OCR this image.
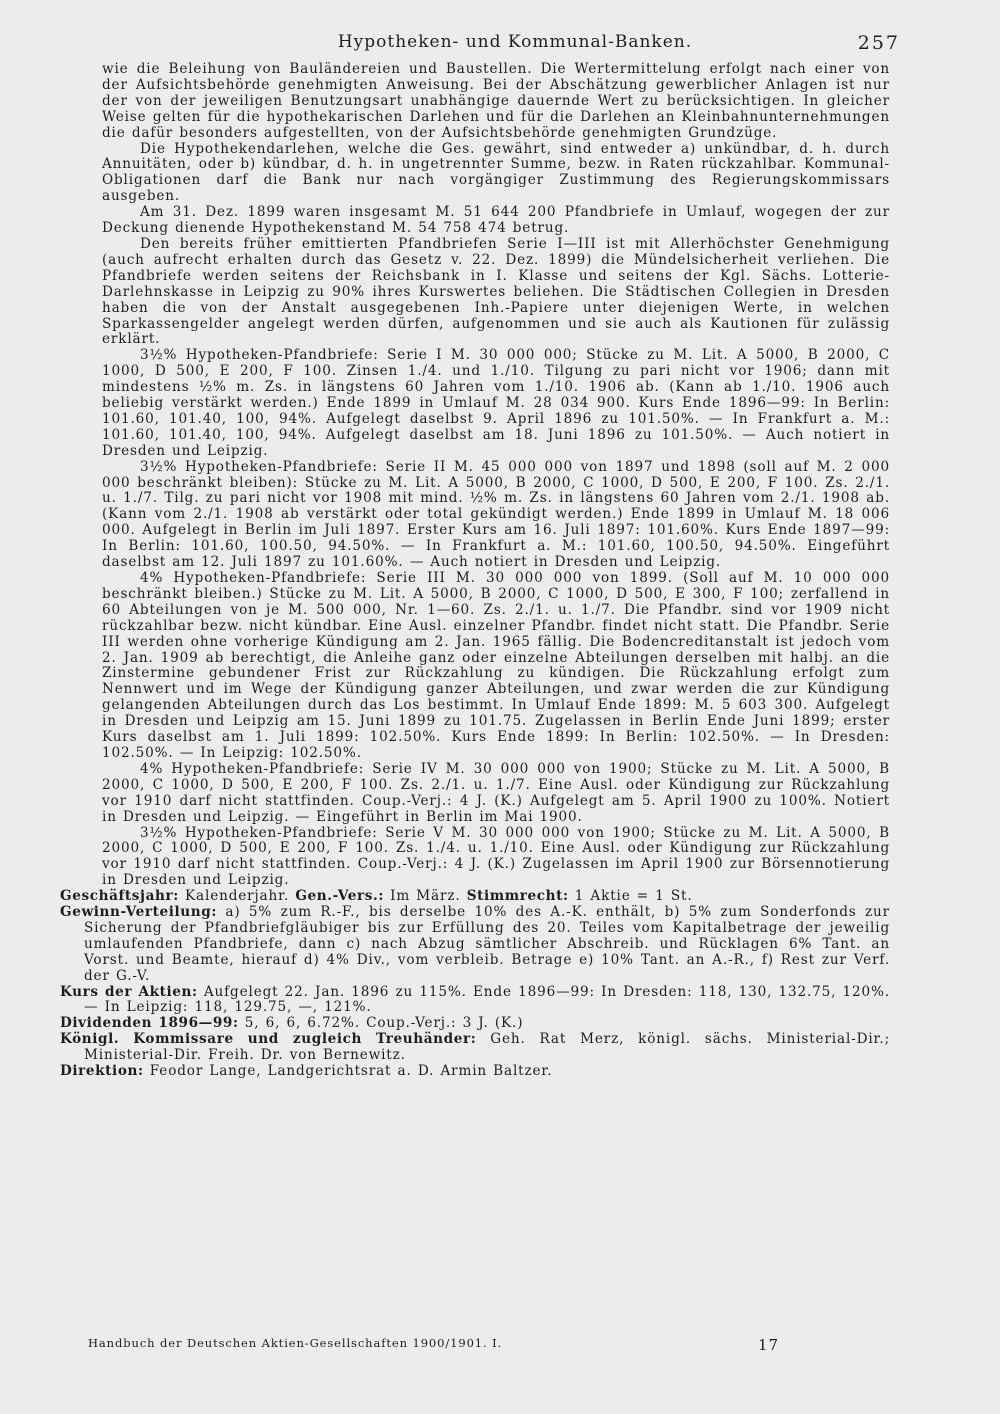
Hypotheken- und Kommunal-Banken.	257

wie die Beleihung von Bauländereien und Baustellen. Die Wertermittelung erfolgt nach einer von der Aufsichtsbehörde genehmigten Anweisung. Bei der Abschätzung gewerblicher Anlagen ist nur der von der jeweiligen Benutzungsart unabhängige dauernde Wert zu berücksichtigen. In gleicher Weise gelten für die hypothekarischen Darlehen und für die Darlehen an Kleinbahnunternehmungen die dafür besonders aufgestellten, von der Aufsichtsbehörde genehmigten Grundzüge.

Die Hypothekendarlehen, welche die Ges. gewährt, sind entweder a) unkündbar, d. h. durch Annuitäten, oder b) kündbar, d. h. in ungetrennter Summe, bezw. in Raten rückzahlbar. Kommunal-Obligationen darf die Bank nur nach vorgängiger Zustimmung des Regierungskommissars ausgeben.

Am 31. Dez. 1899 waren insgesamt M. 51 644 200 Pfandbriefe in Umlauf, wogegen der zur Deckung dienende Hypothekenstand M. 54 758 474 betrug.

Den bereits früher emittierten Pfandbriefen Serie I—III ist mit Allerhöchster Genehmigung (auch aufrecht erhalten durch das Gesetz v. 22. Dez. 1899) die Mündelsicherheit verliehen. Die Pfandbriefe werden seitens der Reichsbank in I. Klasse und seitens der Kgl. Sächs. Lotterie-Darlehnskasse in Leipzig zu 90% ihres Kurswertes beliehen. Die Städtischen Collegien in Dresden haben die von der Anstalt ausgegebenen Inh.-Papiere unter diejenigen Werte, in welchen Sparkassengelder angelegt werden dürfen, aufgenommen und sie auch als Kautionen für zulässig erklärt.

3½% Hypotheken-Pfandbriefe: Serie I M. 30 000 000; Stücke zu M. Lit. A 5000, B 2000, C 1000, D 500, E 200, F 100. Zinsen 1./4. und 1./10. Tilgung zu pari nicht vor 1906; dann mit mindestens ½% m. Zs. in längstens 60 Jahren vom 1./10. 1906 ab. (Kann ab 1./10. 1906 auch beliebig verstärkt werden.) Ende 1899 in Umlauf M. 28 034 900. Kurs Ende 1896—99: In Berlin: 101.60, 101.40, 100, 94%. Aufgelegt daselbst 9. April 1896 zu 101.50%. — In Frankfurt a. M.: 101.60, 101.40, 100, 94%. Aufgelegt daselbst am 18. Juni 1896 zu 101.50%. — Auch notiert in Dresden und Leipzig.

3½% Hypotheken-Pfandbriefe: Serie II M. 45 000 000 von 1897 und 1898 (soll auf M. 2 000 000 beschränkt bleiben): Stücke zu M. Lit. A 5000, B 2000, C 1000, D 500, E 200, F 100. Zs. 2./1. u. 1./7. Tilg. zu pari nicht vor 1908 mit mind. ½% m. Zs. in längstens 60 Jahren vom 2./1. 1908 ab. (Kann vom 2./1. 1908 ab verstärkt oder total gekündigt werden.) Ende 1899 in Umlauf M. 18 006 000. Aufgelegt in Berlin im Juli 1897. Erster Kurs am 16. Juli 1897: 101.60%. Kurs Ende 1897—99: In Berlin: 101.60, 100.50, 94.50%. — In Frankfurt a. M.: 101.60, 100.50, 94.50%. Eingeführt daselbst am 12. Juli 1897 zu 101.60%. — Auch notiert in Dresden und Leipzig.

4% Hypotheken-Pfandbriefe: Serie III M. 30 000 000 von 1899. (Soll auf M. 10 000 000 beschränkt bleiben.) Stücke zu M. Lit. A 5000, B 2000, C 1000, D 500, E 300, F 100; zerfallend in 60 Abteilungen von je M. 500 000, Nr. 1—60. Zs. 2./1. u. 1./7. Die Pfandbr. sind vor 1909 nicht rückzahlbar bezw. nicht kündbar. Eine Ausl. einzelner Pfandbr. findet nicht statt. Die Pfandbr. Serie III werden ohne vorherige Kündigung am 2. Jan. 1965 fällig. Die Bodencreditanstalt ist jedoch vom 2. Jan. 1909 ab berechtigt, die Anleihe ganz oder einzelne Abteilungen derselben mit halbj. an die Zinstermine gebundener Frist zur Rückzahlung zu kündigen. Die Rückzahlung erfolgt zum Nennwert und im Wege der Kündigung ganzer Abteilungen, und zwar werden die zur Kündigung gelangenden Abteilungen durch das Los bestimmt. In Umlauf Ende 1899: M. 5 603 300. Aufgelegt in Dresden und Leipzig am 15. Juni 1899 zu 101.75. Zugelassen in Berlin Ende Juni 1899; erster Kurs daselbst am 1. Juli 1899: 102.50%. Kurs Ende 1899: In Berlin: 102.50%. — In Dresden: 102.50%. — In Leipzig: 102.50%.

4% Hypotheken-Pfandbriefe: Serie IV M. 30 000 000 von 1900; Stücke zu M. Lit. A 5000, B 2000, C 1000, D 500, E 200, F 100. Zs. 2./1. u. 1./7. Eine Ausl. oder Kündigung zur Rückzahlung vor 1910 darf nicht stattfinden. Coup.-Verj.: 4 J. (K.) Aufgelegt am 5. April 1900 zu 100%. Notiert in Dresden und Leipzig. — Eingeführt in Berlin im Mai 1900.

3½% Hypotheken-Pfandbriefe: Serie V M. 30 000 000 von 1900; Stücke zu M. Lit. A 5000, B 2000, C 1000, D 500, E 200, F 100. Zs. 1./4. u. 1./10. Eine Ausl. oder Kündigung zur Rückzahlung vor 1910 darf nicht stattfinden. Coup.-Verj.: 4 J. (K.) Zugelassen im April 1900 zur Börsennotierung in Dresden und Leipzig.

Geschäftsjahr: Kalenderjahr. Gen.-Vers.: Im März. Stimmrecht: 1 Aktie = 1 St.

Gewinn-Verteilung: a) 5% zum R.-F., bis derselbe 10% des A.-K. enthält, b) 5% zum Sonderfonds zur Sicherung der Pfandbriefgläubiger bis zur Erfüllung des 20. Teiles vom Kapitalbetrage der jeweilig umlaufenden Pfandbriefe, dann c) nach Abzug sämtlicher Abschreib. und Rücklagen 6% Tant. an Vorst. und Beamte, hierauf d) 4% Div., vom verbleib. Betrage e) 10% Tant. an A.-R., f) Rest zur Verf. der G.-V.

Kurs der Aktien: Aufgelegt 22. Jan. 1896 zu 115%. Ende 1896—99: In Dresden: 118, 130, 132.75, 120%. — In Leipzig: 118, 129.75, —, 121%.

Dividenden 1896—99: 5, 6, 6, 6.72%. Coup.-Verj.: 3 J. (K.)

Königl. Kommissare und zugleich Treuhänder: Geh. Rat Merz, königl. sächs. Ministerial-Dir.; Ministerial-Dir. Freih. Dr. von Bernewitz.

Direktion: Feodor Lange, Landgerichtsrat a. D. Armin Baltzer.

Handbuch der Deutschen Aktien-Gesellschaften 1900/1901. I.	17
